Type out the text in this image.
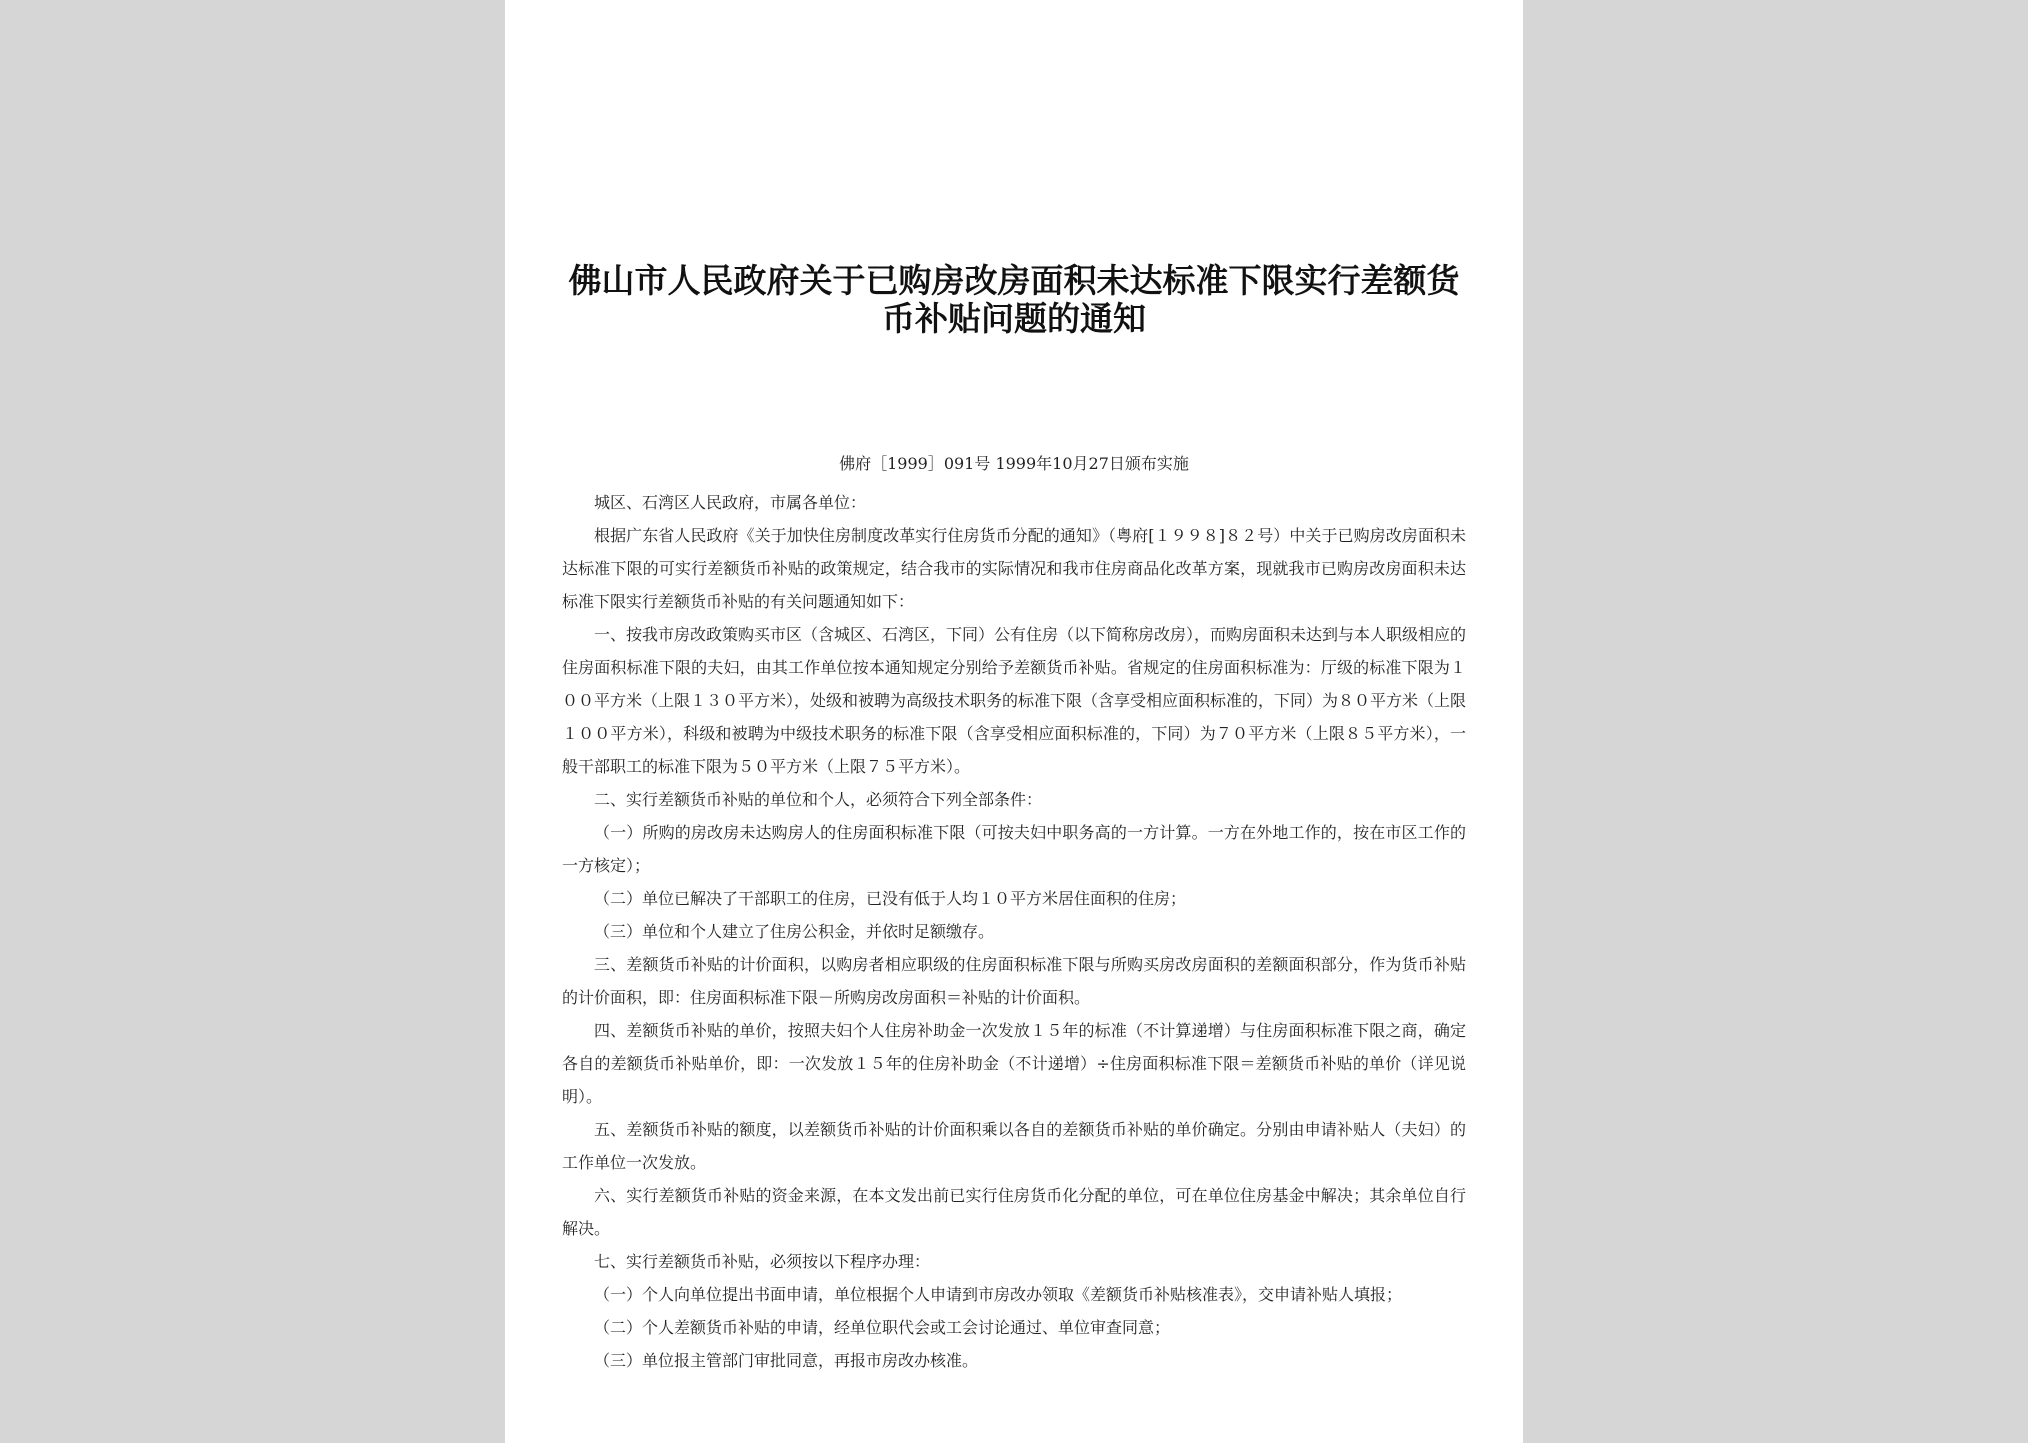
佛山市人民政府关于已购房改房面积未达标准下限实行差额货币补贴问题的通知
佛府［1999］091号 1999年10月27日颁布实施

城区、石湾区人民政府，市属各单位：

根据广东省人民政府《关于加快住房制度改革实行住房货币分配的通知》（粤府[１９９８]８２号）中关于已购房改房面积未达标准下限的可实行差额货币补贴的政策规定，结合我市的实际情况和我市住房商品化改革方案，现就我市已购房改房面积未达标准下限实行差额货币补贴的有关问题通知如下：

一、按我市房改政策购买市区（含城区、石湾区，下同）公有住房（以下简称房改房），而购房面积未达到与本人职级相应的住房面积标准下限的夫妇，由其工作单位按本通知规定分别给予差额货币补贴。省规定的住房面积标准为：厅级的标准下限为１００平方米（上限１３０平方米），处级和被聘为高级技术职务的标准下限（含享受相应面积标准的，下同）为８０平方米（上限１００平方米），科级和被聘为中级技术职务的标准下限（含享受相应面积标准的，下同）为７０平方米（上限８５平方米），一般干部职工的标准下限为５０平方米（上限７５平方米）。

二、实行差额货币补贴的单位和个人，必须符合下列全部条件：

（一）所购的房改房未达购房人的住房面积标准下限（可按夫妇中职务高的一方计算。一方在外地工作的，按在市区工作的一方核定）；

（二）单位已解决了干部职工的住房，已没有低于人均１０平方米居住面积的住房；

（三）单位和个人建立了住房公积金，并依时足额缴存。

三、差额货币补贴的计价面积，以购房者相应职级的住房面积标准下限与所购买房改房面积的差额面积部分，作为货币补贴的计价面积，即：住房面积标准下限－所购房改房面积＝补贴的计价面积。

四、差额货币补贴的单价，按照夫妇个人住房补助金一次发放１５年的标准（不计算递增）与住房面积标准下限之商，确定各自的差额货币补贴单价，即：一次发放１５年的住房补助金（不计递增）÷住房面积标准下限＝差额货币补贴的单价（详见说明）。

五、差额货币补贴的额度，以差额货币补贴的计价面积乘以各自的差额货币补贴的单价确定。分别由申请补贴人（夫妇）的工作单位一次发放。

六、实行差额货币补贴的资金来源，在本文发出前已实行住房货币化分配的单位，可在单位住房基金中解决；其余单位自行解决。

七、实行差额货币补贴，必须按以下程序办理：

（一）个人向单位提出书面申请，单位根据个人申请到市房改办领取《差额货币补贴核准表》，交申请补贴人填报；

（二）个人差额货币补贴的申请，经单位职代会或工会讨论通过、单位审查同意；

（三）单位报主管部门审批同意，再报市房改办核准。
